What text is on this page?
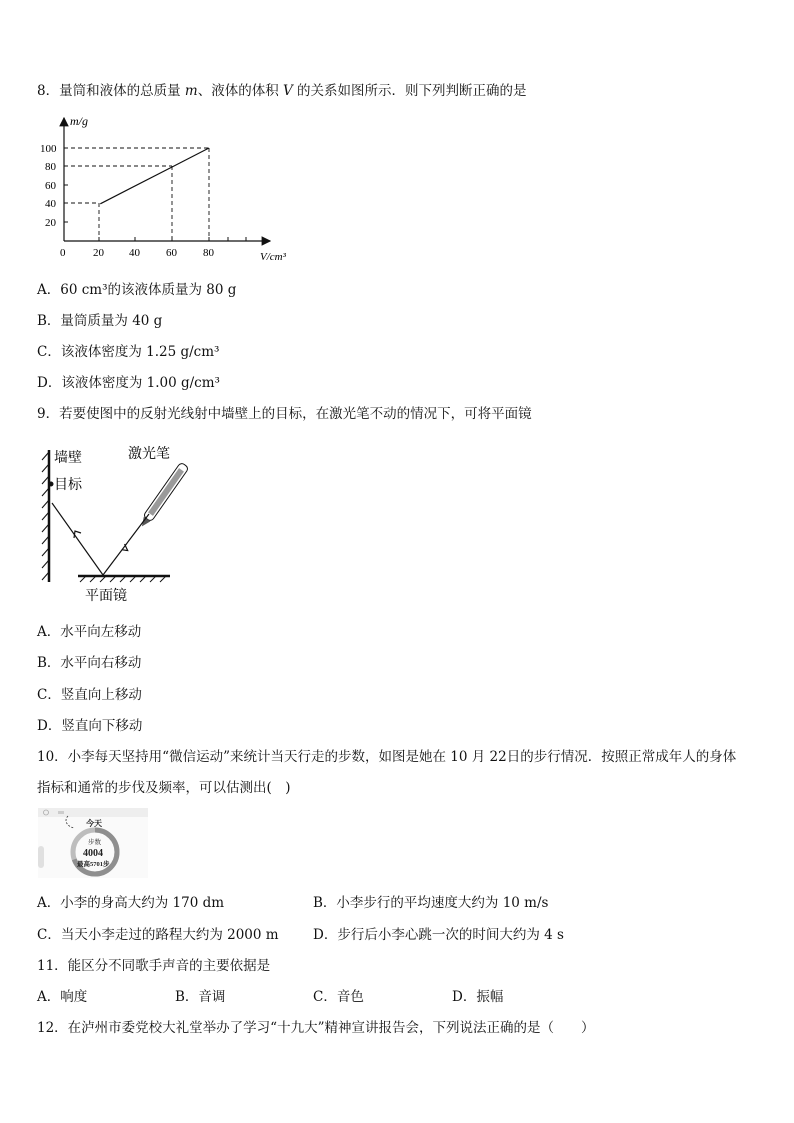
8．量筒和液体的总质量 m、液体的体积 V 的关系如图所示．则下列判断正确的是
m/g
100
80
60
40
20
0	20 40 60 80	V/cm³
A．60 cm³的该液体质量为 80 g
B．量筒质量为 40 g
C．该液体密度为 1.25 g/cm³
D．该液体密度为 1.00 g/cm³
9．若要使图中的反射光线射中墙壁上的目标，在激光笔不动的情况下，可将平面镜
墙壁
目标
激光笔
平面镜
A．水平向左移动
B．水平向右移动
C．竖直向上移动
D．竖直向下移动
10．小李每天坚持用“微信运动”来统计当天行走的步数，如图是她在 10 月 22日的步行情况．按照正常成年人的身体
指标和通常的步伐及频率，可以估测出(　)
今天
步数
4004
最高5701步
A．小李的身高大约为 170 dm	B．小李步行的平均速度大约为 10 m/s
C．当天小李走过的路程大约为 2000 m	D．步行后小李心跳一次的时间大约为 4 s
11．能区分不同歌手声音的主要依据是
A．响度	B．音调	C．音色	D．振幅
12．在泸州市委党校大礼堂举办了学习“十九大”精神宣讲报告会，下列说法正确的是（　　）
